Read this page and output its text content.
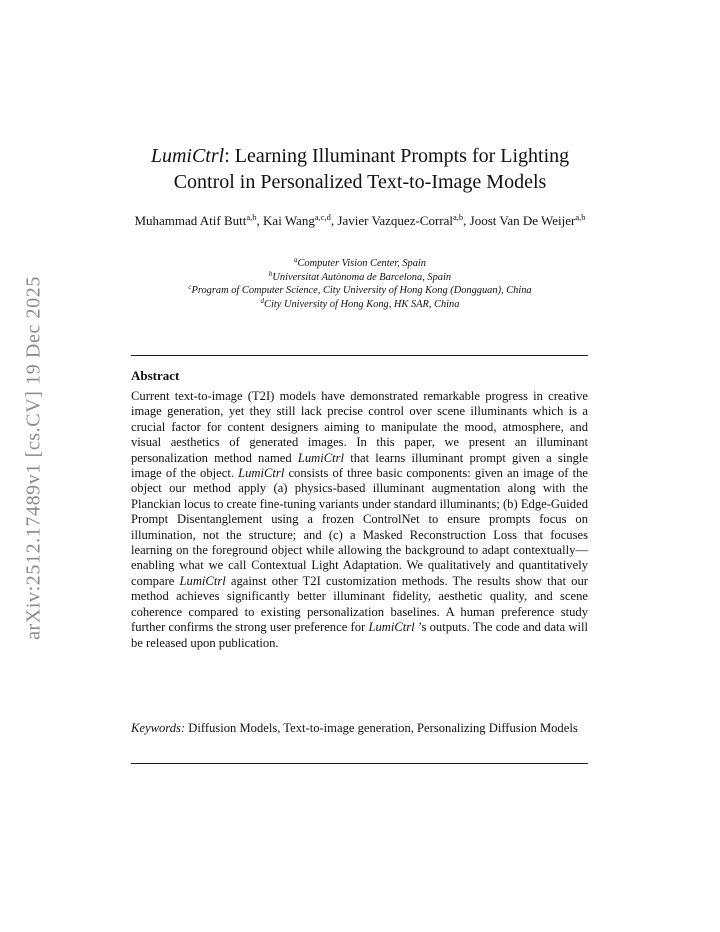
arXiv:2512.17489v1 [cs.CV] 19 Dec 2025
LumiCtrl: Learning Illuminant Prompts for Lighting
Control in Personalized Text-to-Image Models
Muhammad Atif Butt$^{a,b}$, Kai Wang$^{a,c,d}$, Javier Vazquez-Corral$^{a,b}$, Joost Van De Weijer$^{a,b}$
$^a$Computer Vision Center, Spain
$^b$Universitat Autònoma de Barcelona, Spain
$^c$Program of Computer Science, City University of Hong Kong (Dongguan), China
$^d$City University of Hong Kong, HK SAR, China
Abstract
Current text-to-image (T2I) models have demonstrated remarkable progress in creative image generation, yet they still lack precise control over scene illuminants which is a crucial factor for content designers aiming to manipulate the mood, atmosphere, and visual aesthetics of generated images. In this paper, we present an illuminant personalization method named LumiCtrl that learns illuminant prompt given a single image of the object. LumiCtrl consists of three basic components: given an image of the object our method apply (a) physics-based illuminant augmentation along with the Planckian locus to create fine-tuning variants under standard illuminants; (b) Edge-Guided Prompt Disentanglement using a frozen ControlNet to ensure prompts focus on illumination, not the structure; and (c) a Masked Reconstruction Loss that focuses learning on the foreground object while allowing the background to adapt contextually—enabling what we call Contextual Light Adaptation. We qualitatively and quantitatively compare LumiCtrl against other T2I customization methods. The results show that our method achieves significantly better illuminant fidelity, aesthetic quality, and scene coherence compared to existing personalization baselines. A human preference study further confirms the strong user preference for LumiCtrl ’s outputs. The code and data will be released upon publication.
Keywords: Diffusion Models, Text-to-image generation, Personalizing Diffusion Models
